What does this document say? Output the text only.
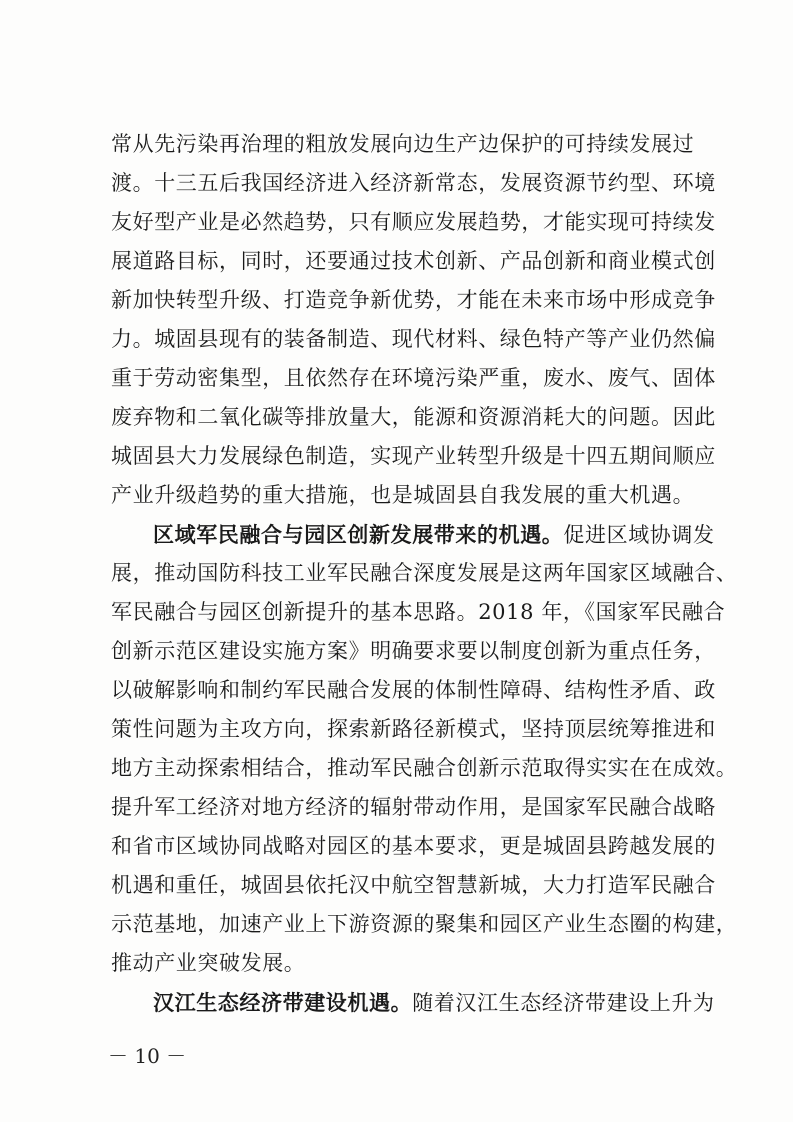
常从先污染再治理的粗放发展向边生产边保护的可持续发展过
渡。十三五后我国经济进入经济新常态，发展资源节约型、环境
友好型产业是必然趋势，只有顺应发展趋势，才能实现可持续发
展道路目标，同时，还要通过技术创新、产品创新和商业模式创
新加快转型升级、打造竞争新优势，才能在未来市场中形成竞争
力。城固县现有的装备制造、现代材料、绿色特产等产业仍然偏
重于劳动密集型，且依然存在环境污染严重，废水、废气、固体
废弃物和二氧化碳等排放量大，能源和资源消耗大的问题。因此
城固县大力发展绿色制造，实现产业转型升级是十四五期间顺应
产业升级趋势的重大措施，也是城固县自我发展的重大机遇。
区域军民融合与园区创新发展带来的机遇。促进区域协调发
展，推动国防科技工业军民融合深度发展是这两年国家区域融合、
军民融合与园区创新提升的基本思路。2018 年，《国家军民融合
创新示范区建设实施方案》明确要求要以制度创新为重点任务，
以破解影响和制约军民融合发展的体制性障碍、结构性矛盾、政
策性问题为主攻方向，探索新路径新模式，坚持顶层统筹推进和
地方主动探索相结合，推动军民融合创新示范取得实实在在成效。
提升军工经济对地方经济的辐射带动作用，是国家军民融合战略
和省市区域协同战略对园区的基本要求，更是城固县跨越发展的
机遇和重任，城固县依托汉中航空智慧新城，大力打造军民融合
示范基地，加速产业上下游资源的聚集和园区产业生态圈的构建，
推动产业突破发展。
汉江生态经济带建设机遇。随着汉江生态经济带建设上升为
－ 10 －
